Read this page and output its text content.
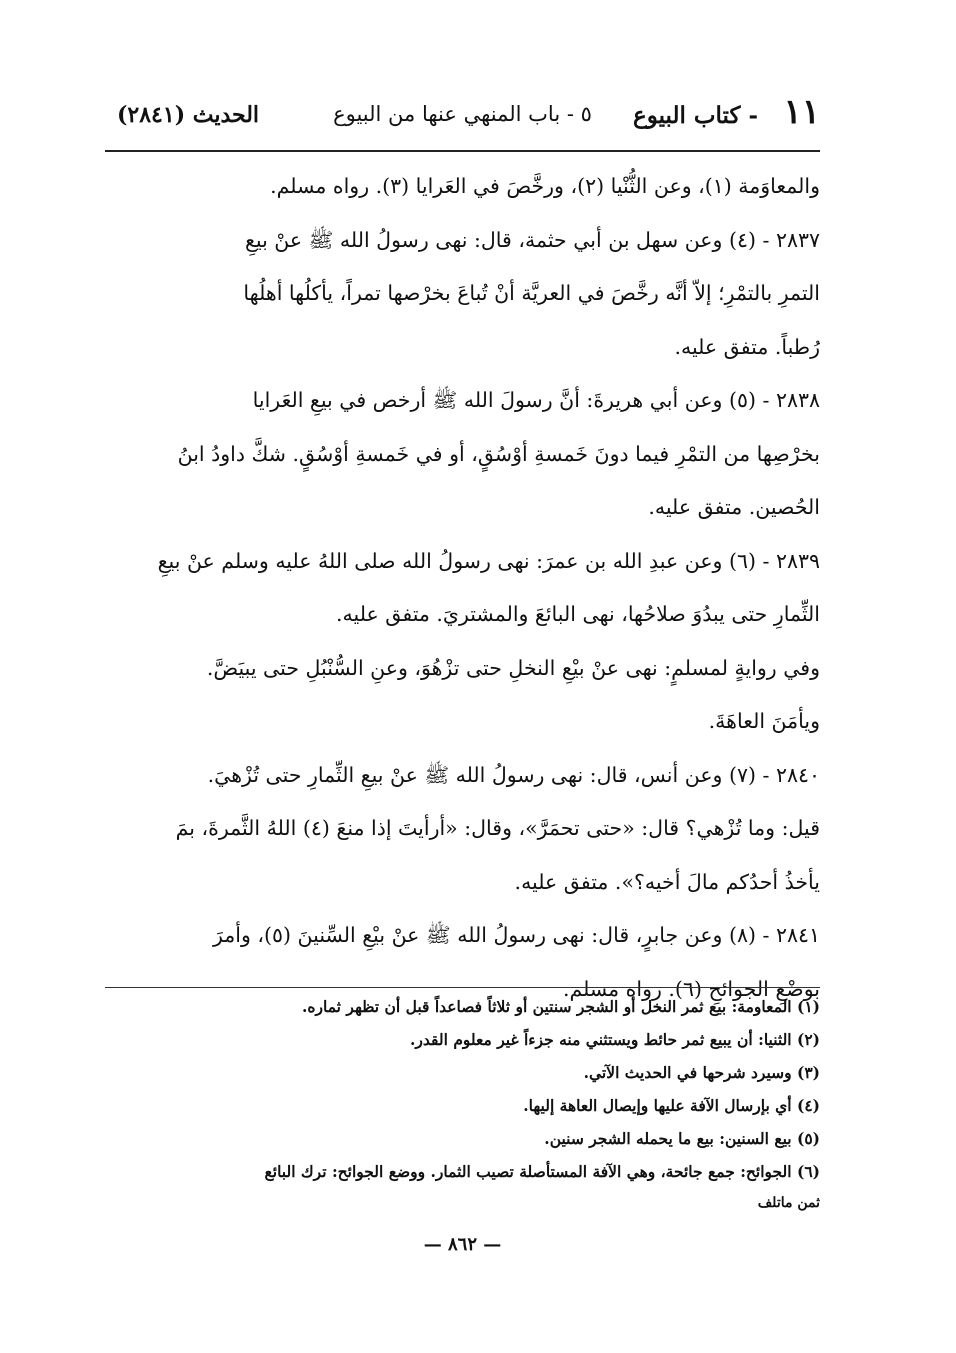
١١
- كتاب البيوع
٥ - باب المنهي عنها من البيوع
الحديث (٢٨٤١)
والمعاوَمة (١)، وعن الثُّنْيا (٢)، ورخَّصَ في العَرايا (٣). رواه مسلم.
٢٨٣٧ - (٤) وعن سهل بن أبي حثمة، قال: نهى رسولُ الله ﷺ عنْ بيعِ
التمرِ بالتمْرِ؛ إلاّ أنَّه رخَّصَ في العريَّة أنْ تُباعَ بخرْصها تمراً، يأكلُها أهلُها
رُطباً. متفق عليه.
٢٨٣٨ - (٥) وعن أبي هريرةَ: أنَّ رسولَ الله ﷺ أرخص في بيعِ العَرايا
بخرْصِها من التمْرِ فيما دونَ خَمسةِ أوْسُقٍ، أو في خَمسةِ أوْسُقٍ. شكَّ داودُ ابنُ
الحُصين. متفق عليه.
٢٨٣٩ - (٦) وعن عبدِ الله بن عمرَ: نهى رسولُ الله صلى اللهُ عليه وسلم عنْ بيعِ
الثِّمارِ حتى يبدُوَ صلاحُها، نهى البائعَ والمشتريَ. متفق عليه.
وفي روايةٍ لمسلمٍ: نهى عنْ بيْعِ النخلِ حتى تزْهُوَ، وعنِ السُّنْبُلِ حتى يبيَضَّ.
ويأمَنَ العاهَةَ.
٢٨٤٠ - (٧) وعن أنس، قال: نهى رسولُ الله ﷺ عنْ بيعِ الثِّمارِ حتى تُزْهيَ.
قيل: وما تُزْهي؟ قال: «حتى تحمَرَّ»، وقال: «أرأيتَ إذا منعَ (٤) اللهُ الثَّمرةَ، بمَ
يأخذُ أحدُكم مالَ أخيه؟». متفق عليه.
٢٨٤١ - (٨) وعن جابرٍ، قال: نهى رسولُ الله ﷺ عنْ بيْعِ السِّنينَ (٥)، وأمرَ
بوضْعِ الجوائحِ (٦). رواه مسلم.
(١) المعاومة: بيع ثمر النخل أو الشجر سنتين أو ثلاثاً فصاعداً قبل أن تظهر ثماره.
(٢) الثنيا: أن يبيع ثمر حائط ويستثني منه جزءاً غير معلوم القدر.
(٣) وسيرد شرحها في الحديث الآتي.
(٤) أي بإرسال الآفة عليها وإيصال العاهة إليها.
(٥) بيع السنين: بيع ما يحمله الشجر سنين.
(٦) الجوائح: جمع جائحة، وهي الآفة المستأصلة تصيب الثمار. ووضع الجوائح: ترك البائع
ثمن ماتلف
— ٨٦٢ —
